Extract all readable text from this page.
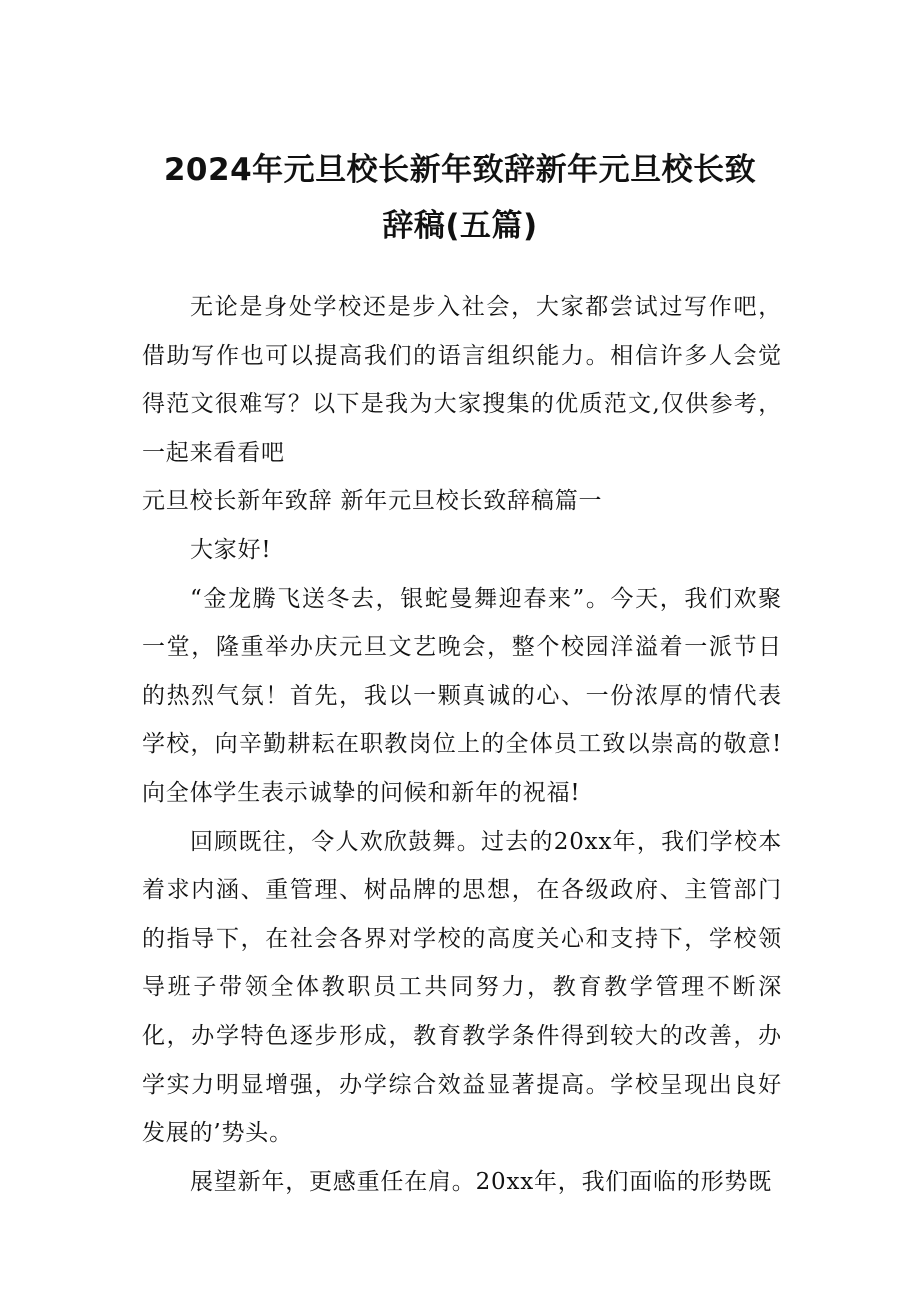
2024年元旦校长新年致辞新年元旦校长致
辞稿(五篇)

无论是身处学校还是步入社会，大家都尝试过写作吧，借助写作也可以提高我们的语言组织能力。相信许多人会觉得范文很难写？以下是我为大家搜集的优质范文,仅供参考，一起来看看吧

元旦校长新年致辞 新年元旦校长致辞稿篇一

大家好!

“金龙腾飞送冬去，银蛇曼舞迎春来”。今天，我们欢聚一堂，隆重举办庆元旦文艺晚会，整个校园洋溢着一派节日的热烈气氛！首先，我以一颗真诚的心、一份浓厚的情代表学校，向辛勤耕耘在职教岗位上的全体员工致以崇高的敬意!向全体学生表示诚挚的问候和新年的祝福!

回顾既往，令人欢欣鼓舞。过去的20xx年，我们学校本着求内涵、重管理、树品牌的思想，在各级政府、主管部门的指导下，在社会各界对学校的高度关心和支持下，学校领导班子带领全体教职员工共同努力，教育教学管理不断深化，办学特色逐步形成，教育教学条件得到较大的改善，办学实力明显增强，办学综合效益显著提高。学校呈现出良好发展的’势头。

展望新年，更感重任在肩。20xx年，我们面临的形势既
